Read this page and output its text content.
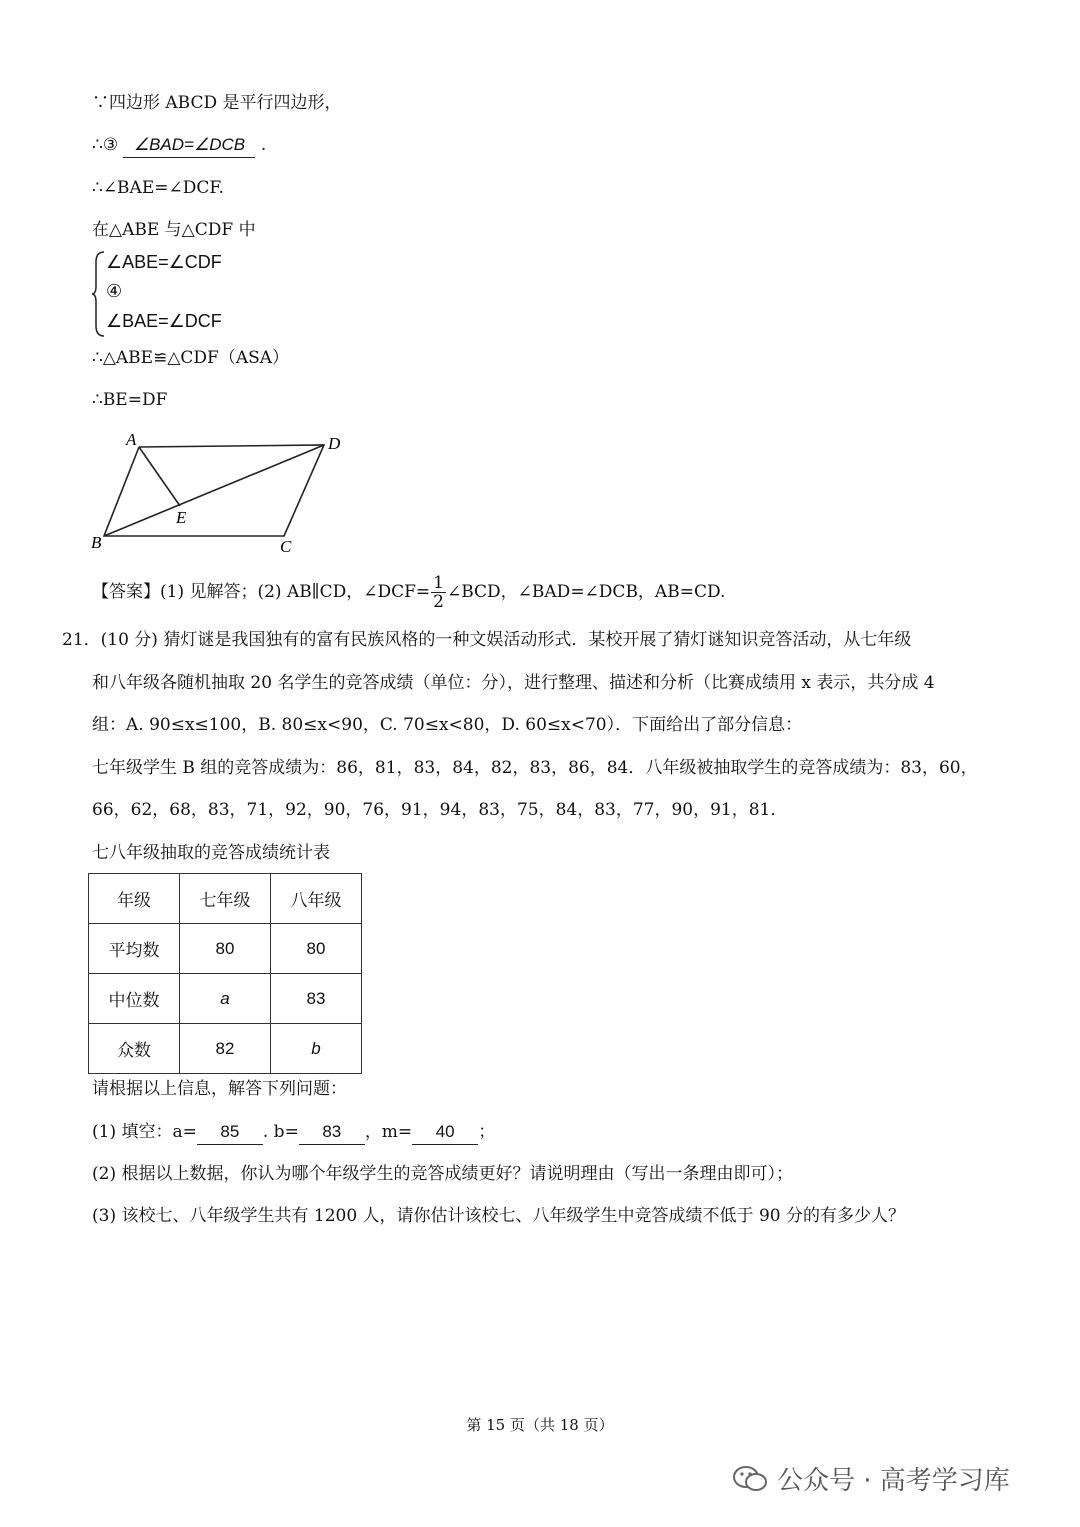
∵四边形 ABCD 是平行四边形，
∴③ ∠BAD=∠DCB .
∴∠BAE=∠DCF.
在△ABE 与△CDF 中
∠ABE=∠CDF
④
∠BAE=∠DCF
∴△ABE≌△CDF（ASA）
∴BE=DF
A	D
E
B	C
【答案】(1) 见解答；(2) AB∥CD，∠DCF= $\frac{1}{2}$ ∠BCD，∠BAD=∠DCB，AB=CD.
21．(10 分) 猜灯谜是我国独有的富有民族风格的一种文娱活动形式．某校开展了猜灯谜知识竞答活动，从七年级
和八年级各随机抽取 20 名学生的竞答成绩（单位：分），进行整理、描述和分析（比赛成绩用 x 表示，共分成 4
组：A. 90≤x≤100，B. 80≤x<90，C. 70≤x<80，D. 60≤x<70）．下面给出了部分信息：
七年级学生 B 组的竞答成绩为：86，81，83，84，82，83，86，84．八年级被抽取学生的竞答成绩为：83，60，
66，62，68，83，71，92，90，76，91，94，83，75，84，83，77，90，91，81．
七八年级抽取的竞答成绩统计表
年级	七年级	八年级
平均数	80	80
中位数	a	83
众数	82	b
请根据以上信息，解答下列问题：
(1) 填空：a= 85 . b= 83 ，m= 40 ；
(2) 根据以上数据，你认为哪个年级学生的竞答成绩更好？请说明理由（写出一条理由即可）；
(3) 该校七、八年级学生共有 1200 人，请你估计该校七、八年级学生中竞答成绩不低于 90 分的有多少人？
第 15 页（共 18 页）
公众号 · 高考学习库
